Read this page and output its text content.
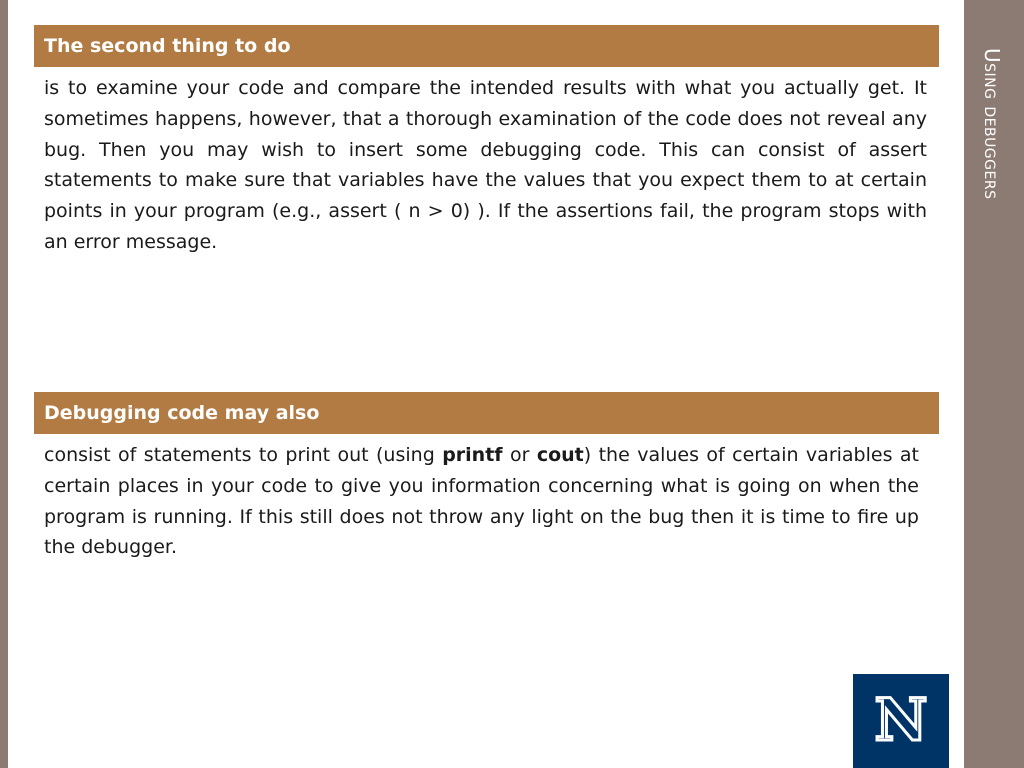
Using debuggers
The second thing to do
is to examine your code and compare the intended results with what you actually get. It sometimes happens, however, that a thorough examination of the code does not reveal any bug. Then you may wish to insert some debugging code. This can consist of assert statements to make sure that variables have the values that you expect them to at certain points in your program (e.g., assert ( n > 0) ). If the assertions fail, the program stops with an error message.
Debugging code may also
consist of statements to print out (using printf or cout) the values of certain variables at certain places in your code to give you information concerning what is going on when the program is running. If this still does not throw any light on the bug then it is time to fire up the debugger.
N
